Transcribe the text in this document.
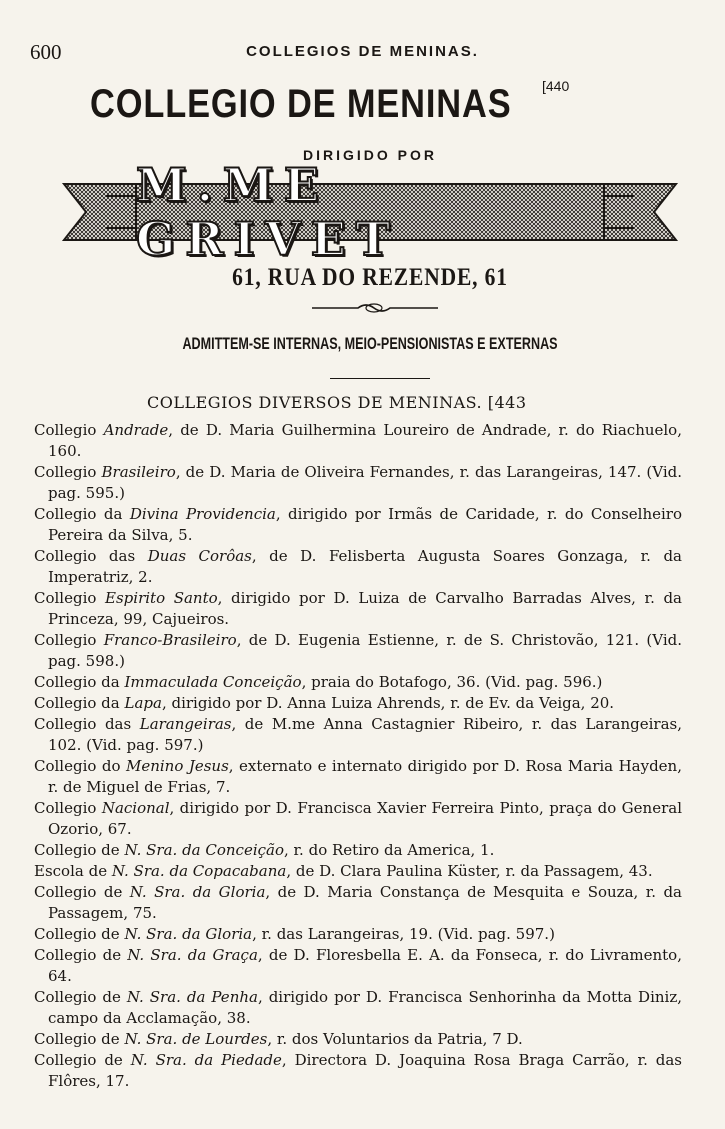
600	COLLEGIOS DE MENINAS.
COLLEGIO DE MENINAS [440
DIRIGIDO POR
M.ME GRIVET
61, RUA DO REZENDE, 61
ADMITTEM-SE INTERNAS, MEIO-PENSIONISTAS E EXTERNAS
COLLEGIOS DIVERSOS DE MENINAS. [443
Collegio Andrade, de D. Maria Guilhermina Loureiro de Andrade, r. do Riachuelo, 160.
Collegio Brasileiro, de D. Maria de Oliveira Fernandes, r. das Larangeiras, 147. (Vid. pag. 595.)
Collegio da Divina Providencia, dirigido por Irmãs de Caridade, r. do Conselheiro Pereira da Silva, 5.
Collegio das Duas Corôas, de D. Felisberta Augusta Soares Gonzaga, r. da Imperatriz, 2.
Collegio Espirito Santo, dirigido por D. Luiza de Carvalho Barradas Alves, r. da Princeza, 99, Cajueiros.
Collegio Franco-Brasileiro, de D. Eugenia Estienne, r. de S. Christovão, 121. (Vid. pag. 598.)
Collegio da Immaculada Conceição, praia do Botafogo, 36. (Vid. pag. 596.)
Collegio da Lapa, dirigido por D. Anna Luiza Ahrends, r. de Ev. da Veiga, 20.
Collegio das Larangeiras, de M.me Anna Castagnier Ribeiro, r. das Larangeiras, 102. (Vid. pag. 597.)
Collegio do Menino Jesus, externato e internato dirigido por D. Rosa Maria Hayden, r. de Miguel de Frias, 7.
Collegio Nacional, dirigido por D. Francisca Xavier Ferreira Pinto, praça do General Ozorio, 67.
Collegio de N. Sra. da Conceição, r. do Retiro da America, 1.
Escola de N. Sra. da Copacabana, de D. Clara Paulina Küster, r. da Passagem, 43.
Collegio de N. Sra. da Gloria, de D. Maria Constança de Mesquita e Souza, r. da Passagem, 75.
Collegio de N. Sra. da Gloria, r. das Larangeiras, 19. (Vid. pag. 597.)
Collegio de N. Sra. da Graça, de D. Floresbella E. A. da Fonseca, r. do Livramento, 64.
Collegio de N. Sra. da Penha, dirigido por D. Francisca Senhorinha da Motta Diniz, campo da Acclamação, 38.
Collegio de N. Sra. de Lourdes, r. dos Voluntarios da Patria, 7 D.
Collegio de N. Sra. da Piedade, Directora D. Joaquina Rosa Braga Carrão, r. das Flôres, 17.
